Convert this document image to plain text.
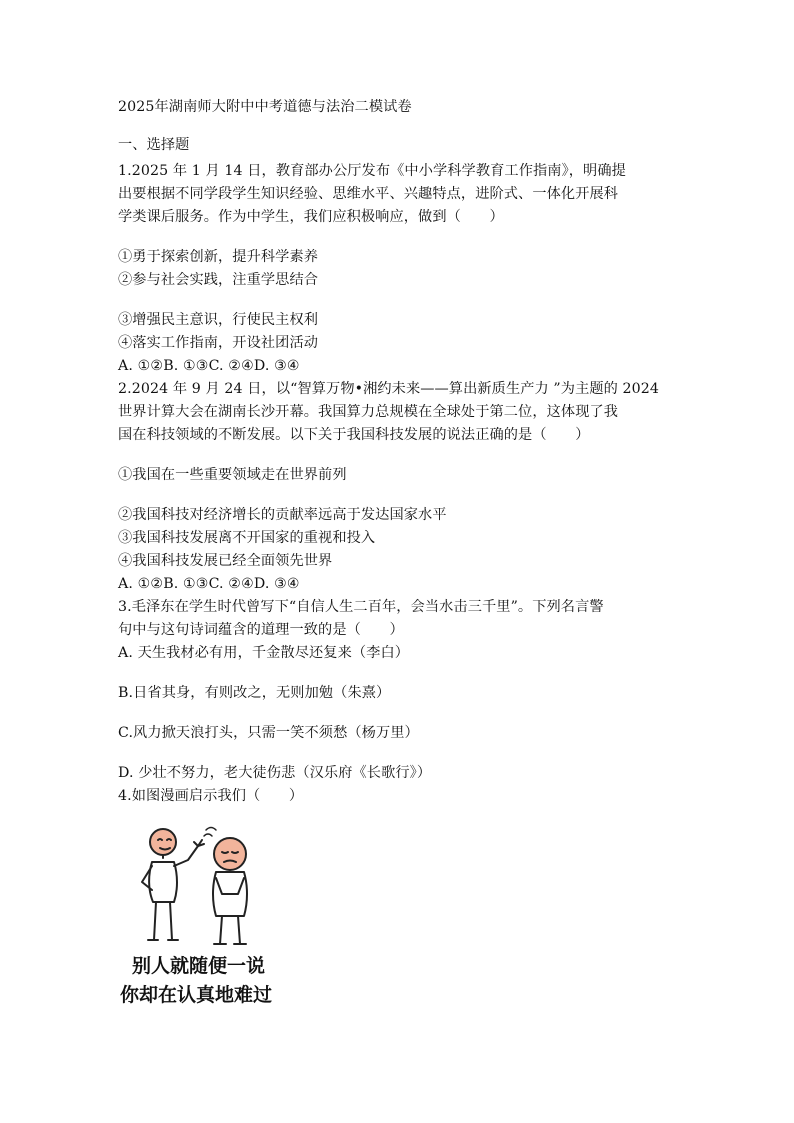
2025年湖南师大附中中考道德与法治二模试卷
一、选择题
1.2025 年 1 月 14 日，教育部办公厅发布《中小学科学教育工作指南》，明确提
出要根据不同学段学生知识经验、思维水平、兴趣特点，进阶式、一体化开展科
学类课后服务。作为中学生，我们应积极响应，做到（　　）
①勇于探索创新，提升科学素养
②参与社会实践，注重学思结合
③增强民主意识，行使民主权利
④落实工作指南，开设社团活动
A. ①②B. ①③C. ②④D. ③④
2.2024 年 9 月 24 日，以“智算万物•湘约未来——算出新质生产力 ”为主题的 2024
世界计算大会在湖南长沙开幕。我国算力总规模在全球处于第二位，这体现了我
国在科技领域的不断发展。以下关于我国科技发展的说法正确的是（　　）
①我国在一些重要领域走在世界前列
②我国科技对经济增长的贡献率远高于发达国家水平
③我国科技发展离不开国家的重视和投入
④我国科技发展已经全面领先世界
A. ①②B. ①③C. ②④D. ③④
3.毛泽东在学生时代曾写下“自信人生二百年，会当水击三千里”。下列名言警
句中与这句诗词蕴含的道理一致的是（　　）
A. 天生我材必有用，千金散尽还复来（李白）
B.日省其身，有则改之，无则加勉（朱熹）
C.风力掀天浪打头，只需一笑不须愁（杨万里）
D. 少壮不努力，老大徒伤悲（汉乐府《长歌行》）
4.如图漫画启示我们（　　）
别人就随便一说
你却在认真地难过
